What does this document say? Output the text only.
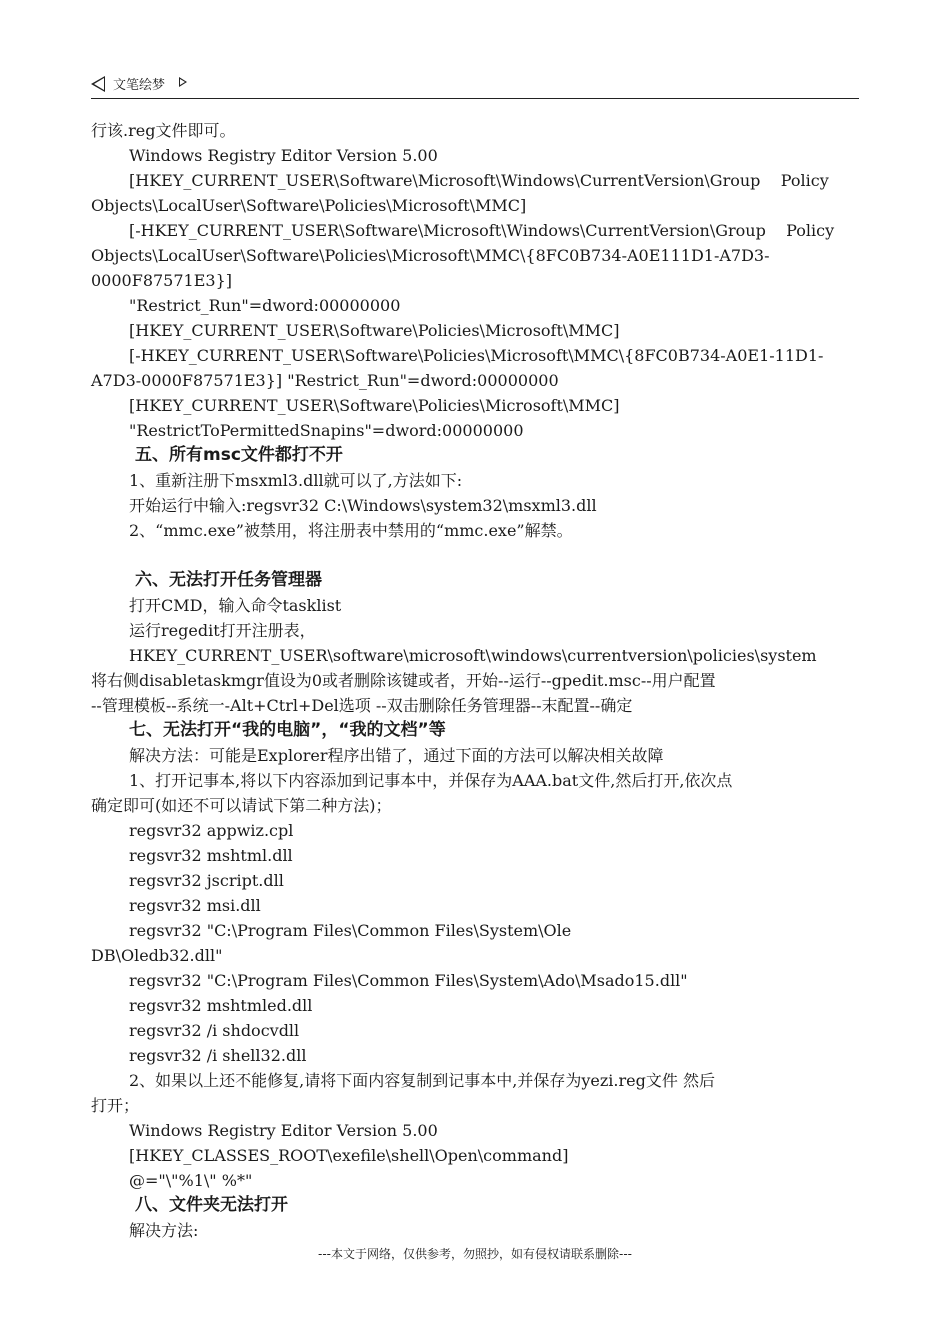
文笔绘梦
行该.reg文件即可。
Windows Registry Editor Version 5.00
[HKEY_CURRENT_USER\Software\Microsoft\Windows\CurrentVersion\Group    Policy
Objects\LocalUser\Software\Policies\Microsoft\MMC]
[-HKEY_CURRENT_USER\Software\Microsoft\Windows\CurrentVersion\Group    Policy
Objects\LocalUser\Software\Policies\Microsoft\MMC\{8FC0B734-A0E111D1-A7D3-
0000F87571E3}]
"Restrict_Run"=dword:00000000
[HKEY_CURRENT_USER\Software\Policies\Microsoft\MMC]
[-HKEY_CURRENT_USER\Software\Policies\Microsoft\MMC\{8FC0B734-A0E1-11D1-
A7D3-0000F87571E3}] "Restrict_Run"=dword:00000000
[HKEY_CURRENT_USER\Software\Policies\Microsoft\MMC]
"RestrictToPermittedSnapins"=dword:00000000
五、所有msc文件都打不开
1、重新注册下msxml3.dll就可以了,方法如下:
开始运行中输入:regsvr32 C:\Windows\system32\msxml3.dll
2、“mmc.exe”被禁用，将注册表中禁用的“mmc.exe”解禁。
六、无法打开任务管理器
打开CMD，输入命令tasklist
运行regedit打开注册表，
HKEY_CURRENT_USER\software\microsoft\windows\currentversion\policies\system
将右侧disabletaskmgr值设为0或者删除该键或者，开始--运行--gpedit.msc--用户配置
--管理模板--系统一-Alt+Ctrl+Del选项 --双击删除任务管理器--末配置--确定
七、无法打开“我的电脑”，“我的文档”等
解决方法：可能是Explorer程序出错了，通过下面的方法可以解决相关故障
1、打开记事本,将以下内容添加到记事本中，并保存为AAA.bat文件,然后打开,依次点
确定即可(如还不可以请试下第二种方法)；
regsvr32 appwiz.cpl
regsvr32 mshtml.dll
regsvr32 jscript.dll
regsvr32 msi.dll
regsvr32 "C:\Program Files\Common Files\System\Ole
DB\Oledb32.dll"
regsvr32 "C:\Program Files\Common Files\System\Ado\Msado15.dll"
regsvr32 mshtmled.dll
regsvr32 /i shdocvdll
regsvr32 /i shell32.dll
2、如果以上还不能修复,请将下面内容复制到记事本中,并保存为yezi.reg文件 然后
打开；
Windows Registry Editor Version 5.00
[HKEY_CLASSES_ROOT\exefile\shell\Open\command]
@="\"%1\" %*"
八、文件夹无法打开
解决方法:
---本文于网络，仅供参考，勿照抄，如有侵权请联系删除---
